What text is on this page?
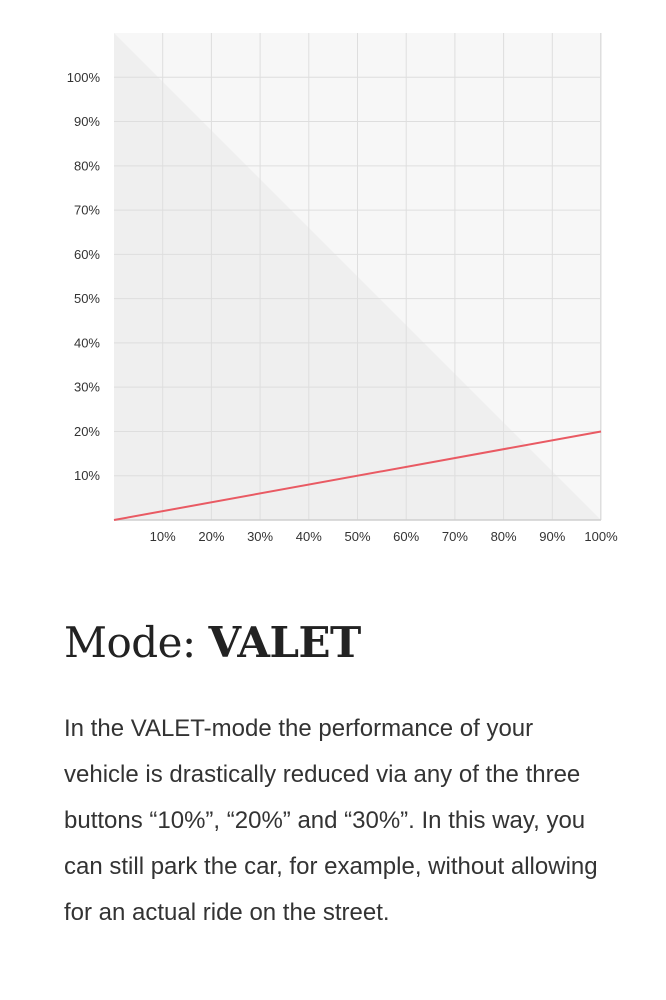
10%
20%
30%
40%
50%
60%
70%
80%
90%
100%
10% 20% 30% 40% 50% 60% 70% 80% 90% 100%
Mode: VALET

In the VALET-mode the performance of your vehicle is drastically reduced via any of the three buttons “10%”, “20%” and “30%”. In this way, you can still park the car, for example, without allowing for an actual ride on the street.
